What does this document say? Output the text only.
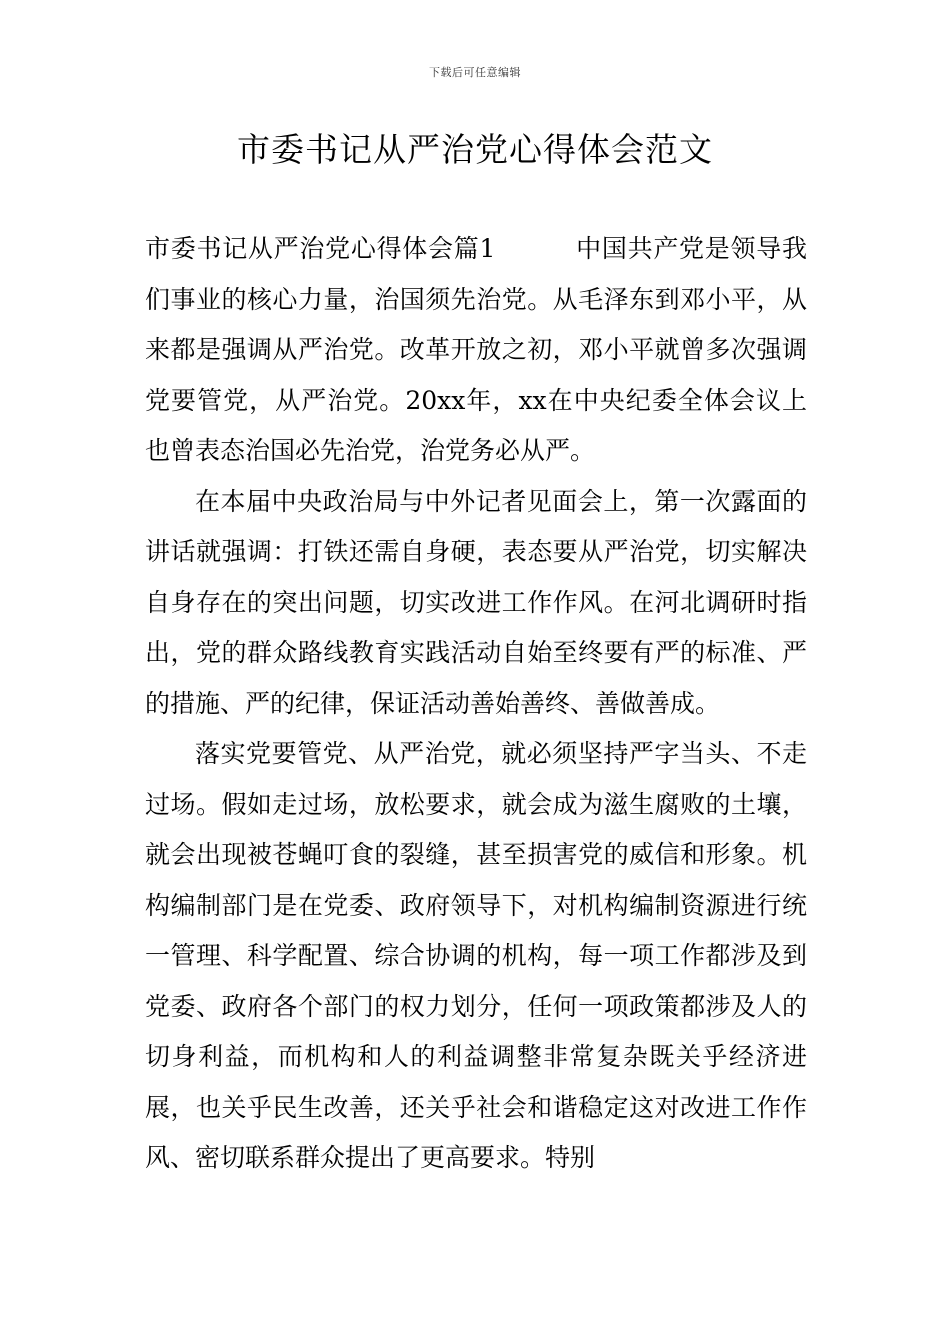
下载后可任意编辑
市委书记从严治党心得体会范文

市委书记从严治党心得体会篇1	中国共产党是领导我们事业的核心力量，治国须先治党。从毛泽东到邓小平，从来都是强调从严治党。改革开放之初，邓小平就曾多次强调党要管党，从严治党。20xx年，xx在中央纪委全体会议上也曾表态治国必先治党，治党务必从严。

在本届中央政治局与中外记者见面会上，第一次露面的讲话就强调：打铁还需自身硬，表态要从严治党，切实解决自身存在的突出问题，切实改进工作作风。在河北调研时指出，党的群众路线教育实践活动自始至终要有严的标准、严的措施、严的纪律，保证活动善始善终、善做善成。

落实党要管党、从严治党，就必须坚持严字当头、不走过场。假如走过场，放松要求，就会成为滋生腐败的土壤，就会出现被苍蝇叮食的裂缝，甚至损害党的威信和形象。机构编制部门是在党委、政府领导下，对机构编制资源进行统一管理、科学配置、综合协调的机构，每一项工作都涉及到党委、政府各个部门的权力划分，任何一项政策都涉及人的切身利益，而机构和人的利益调整非常复杂既关乎经济进展，也关乎民生改善，还关乎社会和谐稳定这对改进工作作风、密切联系群众提出了更高要求。特别
